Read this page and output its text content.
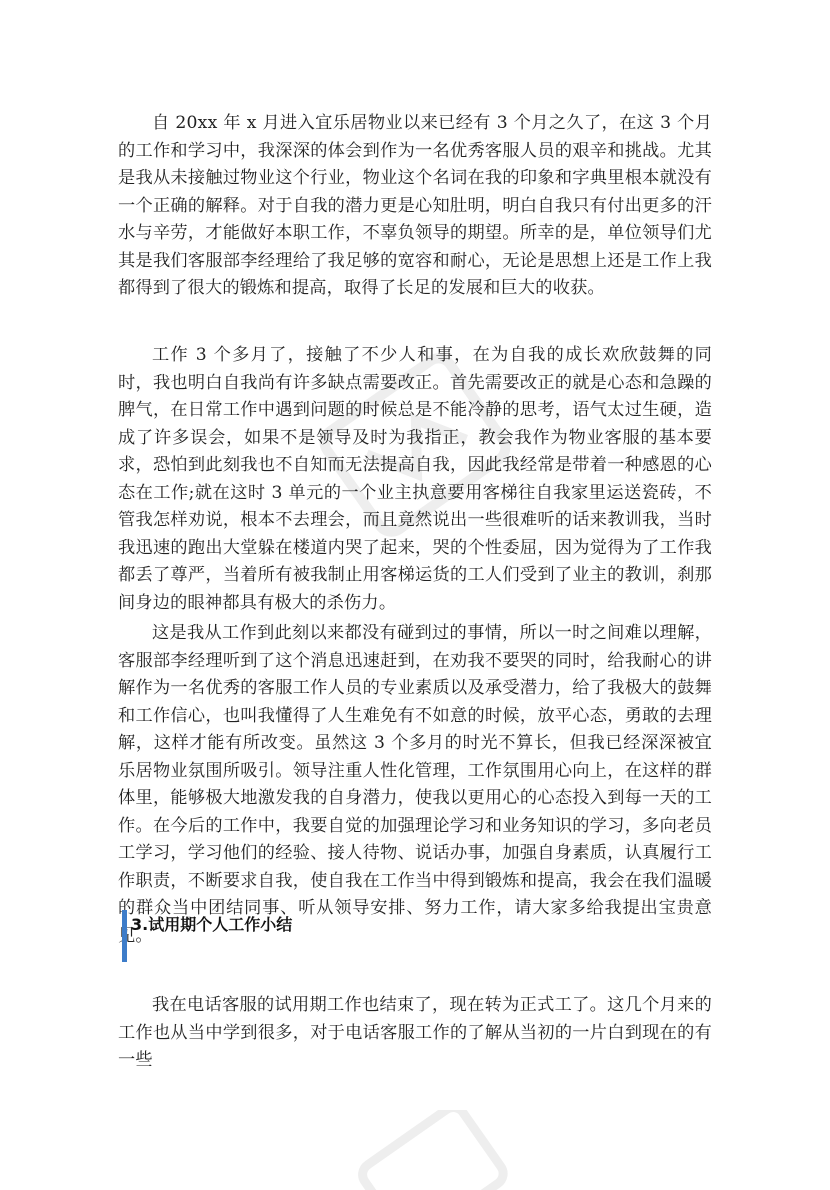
自 20xx 年 x 月进入宜乐居物业以来已经有 3 个月之久了，在这 3 个月的工作和学习中，我深深的体会到作为一名优秀客服人员的艰辛和挑战。尤其是我从未接触过物业这个行业，物业这个名词在我的印象和字典里根本就没有一个正确的解释。对于自我的潜力更是心知肚明，明白自我只有付出更多的汗水与辛劳，才能做好本职工作，不辜负领导的期望。所幸的是，单位领导们尤其是我们客服部李经理给了我足够的宽容和耐心，无论是思想上还是工作上我都得到了很大的锻炼和提高，取得了长足的发展和巨大的收获。

工作 3 个多月了，接触了不少人和事，在为自我的成长欢欣鼓舞的同时，我也明白自我尚有许多缺点需要改正。首先需要改正的就是心态和急躁的脾气，在日常工作中遇到问题的时候总是不能冷静的思考，语气太过生硬，造成了许多误会，如果不是领导及时为我指正，教会我作为物业客服的基本要求，恐怕到此刻我也不自知而无法提高自我，因此我经常是带着一种感恩的心态在工作;就在这时 3 单元的一个业主执意要用客梯往自我家里运送瓷砖，不管我怎样劝说，根本不去理会，而且竟然说出一些很难听的话来教训我，当时我迅速的跑出大堂躲在楼道内哭了起来，哭的个性委屈，因为觉得为了工作我都丢了尊严，当着所有被我制止用客梯运货的工人们受到了业主的教训，刹那间身边的眼神都具有极大的杀伤力。

这是我从工作到此刻以来都没有碰到过的事情，所以一时之间难以理解，客服部李经理听到了这个消息迅速赶到，在劝我不要哭的同时，给我耐心的讲解作为一名优秀的客服工作人员的专业素质以及承受潜力，给了我极大的鼓舞和工作信心，也叫我懂得了人生难免有不如意的时候，放平心态，勇敢的去理解，这样才能有所改变。虽然这 3 个多月的时光不算长，但我已经深深被宜乐居物业氛围所吸引。领导注重人性化管理，工作氛围用心向上，在这样的群体里，能够极大地激发我的自身潜力，使我以更用心的心态投入到每一天的工作。在今后的工作中，我要自觉的加强理论学习和业务知识的学习，多向老员工学习，学习他们的经验、接人待物、说话办事，加强自身素质，认真履行工作职责，不断要求自我，使自我在工作当中得到锻炼和提高，我会在我们温暖的群众当中团结同事、听从领导安排、努力工作，请大家多给我提出宝贵意见。

3.试用期个人工作小结

我在电话客服的试用期工作也结束了，现在转为正式工了。这几个月来的工作也从当中学到很多，对于电话客服工作的了解从当初的一片白到现在的有一些
